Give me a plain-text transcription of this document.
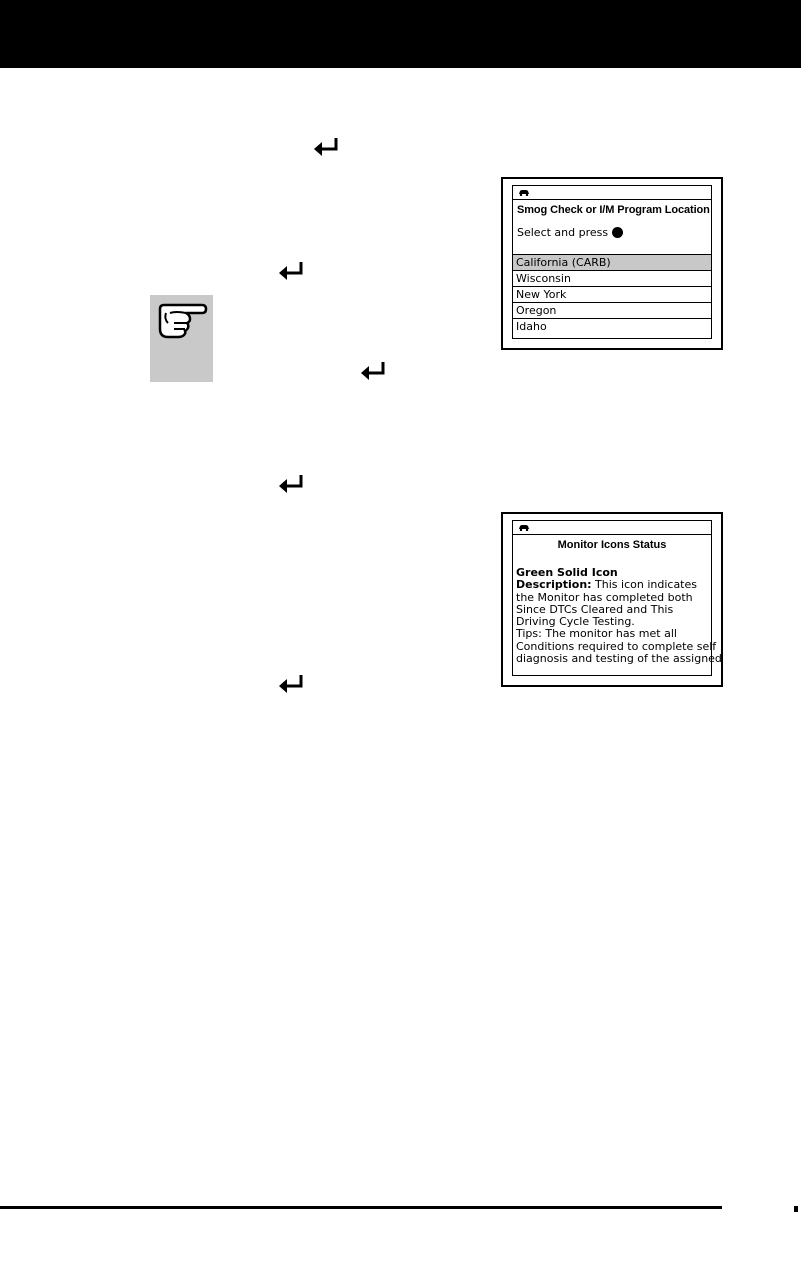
Smog Check or I/M Program Location
Select and press
California (CARB)
Wisconsin
New York
Oregon
Idaho
Monitor Icons Status
Green Solid Icon
Description: This icon indicates
the Monitor has completed both
Since DTCs Cleared and This
Driving Cycle Testing.
Tips: The monitor has met all
Conditions required to complete self
diagnosis and testing of the assigned
